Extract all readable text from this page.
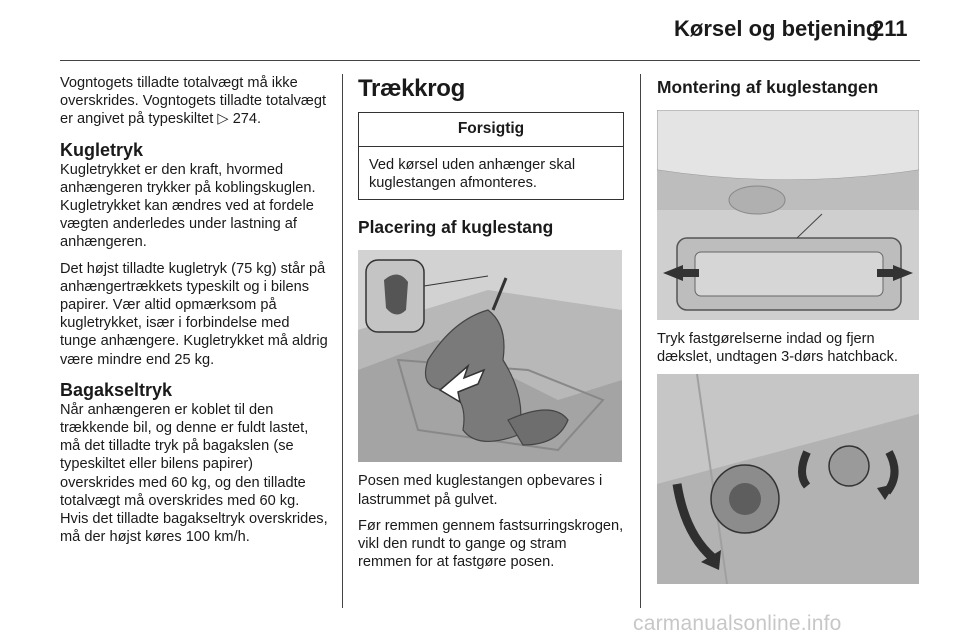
Kørsel og betjening
211

Vogntogets tilladte totalvægt må ikke overskrides. Vogntogets tilladte totalvægt er angivet på typeskiltet ▷ 274.

Kugletryk

Kugletrykket er den kraft, hvormed anhængeren trykker på koblingskuglen. Kugletrykket kan ændres ved at fordele vægten anderledes under lastning af anhængeren.

Det højst tilladte kugletryk (75 kg) står på anhængertrækkets typeskilt og i bilens papirer. Vær altid opmærksom på kugletrykket, især i forbindelse med tunge anhængere. Kugletrykket må aldrig være mindre end 25 kg.

Bagakseltryk

Når anhængeren er koblet til den trækkende bil, og denne er fuldt lastet, må det tilladte tryk på bagakslen (se typeskiltet eller bilens papirer) overskrides med 60 kg, og den tilladte totalvægt må overskrides med 60 kg. Hvis det tilladte bagakseltryk overskrides, må der højst køres 100 km/h.

Trækkrog
Forsigtig
Ved kørsel uden anhænger skal kuglestangen afmonteres.
Placering af kuglestang

Posen med kuglestangen opbevares i lastrummet på gulvet.

Før remmen gennem fastsurringskrogen, vikl den rundt to gange og stram remmen for at fastgøre posen.

Montering af kuglestangen

Tryk fastgørelserne indad og fjern dækslet, undtagen 3-dørs hatchback.

carmanualsonline.info
